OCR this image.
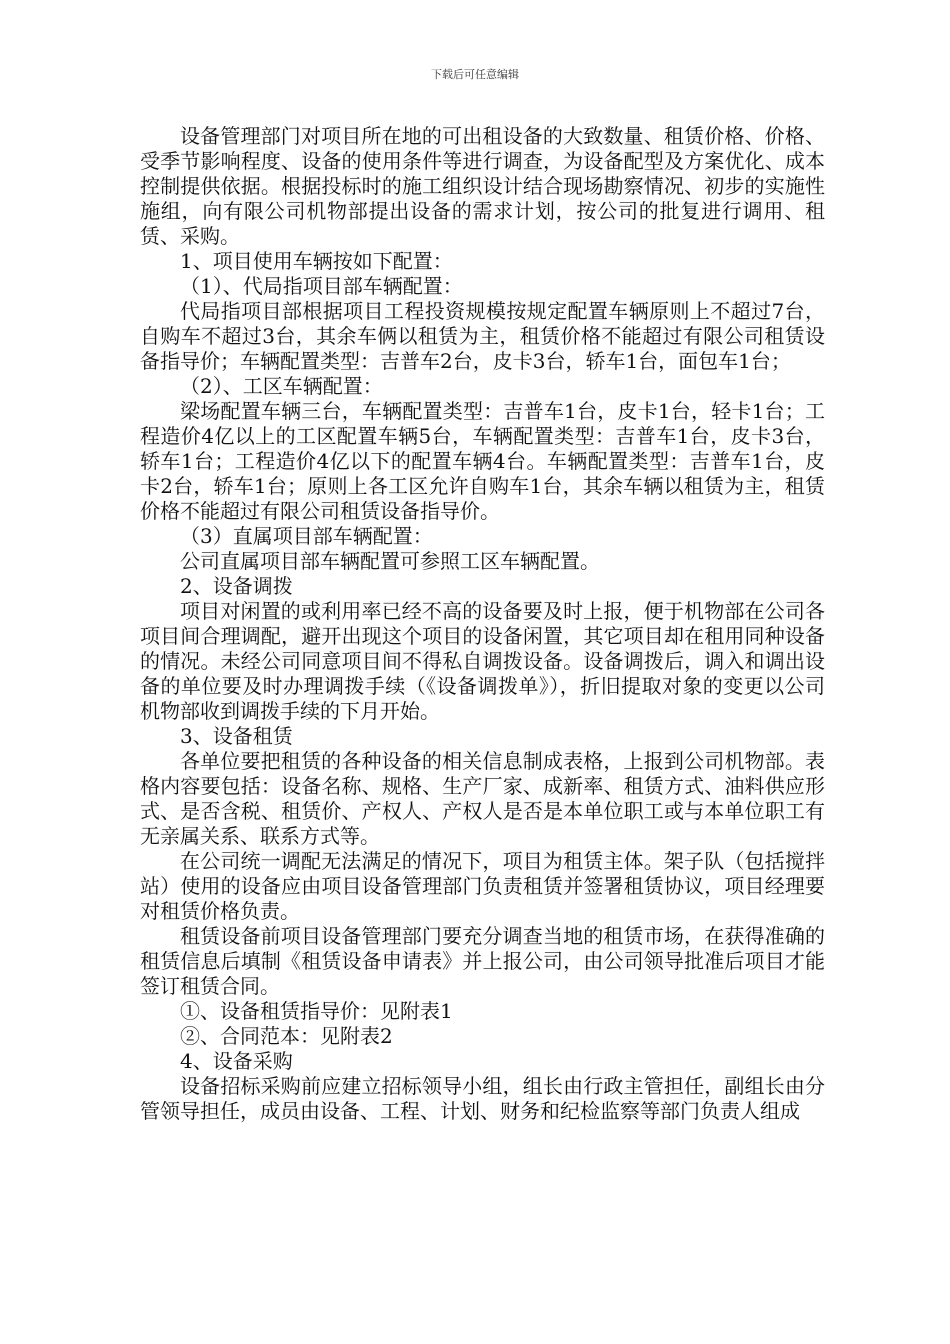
下载后可任意编辑

设备管理部门对项目所在地的可出租设备的大致数量、租赁价格、价格、受季节影响程度、设备的使用条件等进行调查，为设备配型及方案优化、成本控制提供依据。根据投标时的施工组织设计结合现场勘察情况、初步的实施性施组，向有限公司机物部提出设备的需求计划，按公司的批复进行调用、租赁、采购。

1、项目使用车辆按如下配置：

（1）、代局指项目部车辆配置：

代局指项目部根据项目工程投资规模按规定配置车辆原则上不超过7台，自购车不超过3台，其余车俩以租赁为主，租赁价格不能超过有限公司租赁设备指导价；车辆配置类型：吉普车2台，皮卡3台，轿车1台，面包车1台；

（2）、工区车辆配置：

梁场配置车辆三台，车辆配置类型：吉普车1台，皮卡1台，轻卡1台；工程造价4亿以上的工区配置车辆5台，车辆配置类型：吉普车1台，皮卡3台，轿车1台；工程造价4亿以下的配置车辆4台。车辆配置类型：吉普车1台，皮卡2台，轿车1台；原则上各工区允许自购车1台，其余车辆以租赁为主，租赁价格不能超过有限公司租赁设备指导价。

（3）直属项目部车辆配置：

公司直属项目部车辆配置可参照工区车辆配置。

2、设备调拨

项目对闲置的或利用率已经不高的设备要及时上报，便于机物部在公司各项目间合理调配，避开出现这个项目的设备闲置，其它项目却在租用同种设备的情况。未经公司同意项目间不得私自调拨设备。设备调拨后，调入和调出设备的单位要及时办理调拨手续（《设备调拨单》），折旧提取对象的变更以公司机物部收到调拨手续的下月开始。

3、设备租赁

各单位要把租赁的各种设备的相关信息制成表格，上报到公司机物部。表格内容要包括：设备名称、规格、生产厂家、成新率、租赁方式、油料供应形式、是否含税、租赁价、产权人、产权人是否是本单位职工或与本单位职工有无亲属关系、联系方式等。

在公司统一调配无法满足的情况下，项目为租赁主体。架子队（包括搅拌站）使用的设备应由项目设备管理部门负责租赁并签署租赁协议，项目经理要对租赁价格负责。

租赁设备前项目设备管理部门要充分调查当地的租赁市场，在获得准确的租赁信息后填制《租赁设备申请表》并上报公司，由公司领导批准后项目才能签订租赁合同。

①、设备租赁指导价：见附表1

②、合同范本：见附表2

4、设备采购

设备招标采购前应建立招标领导小组，组长由行政主管担任，副组长由分管领导担任，成员由设备、工程、计划、财务和纪检监察等部门负责人组成
